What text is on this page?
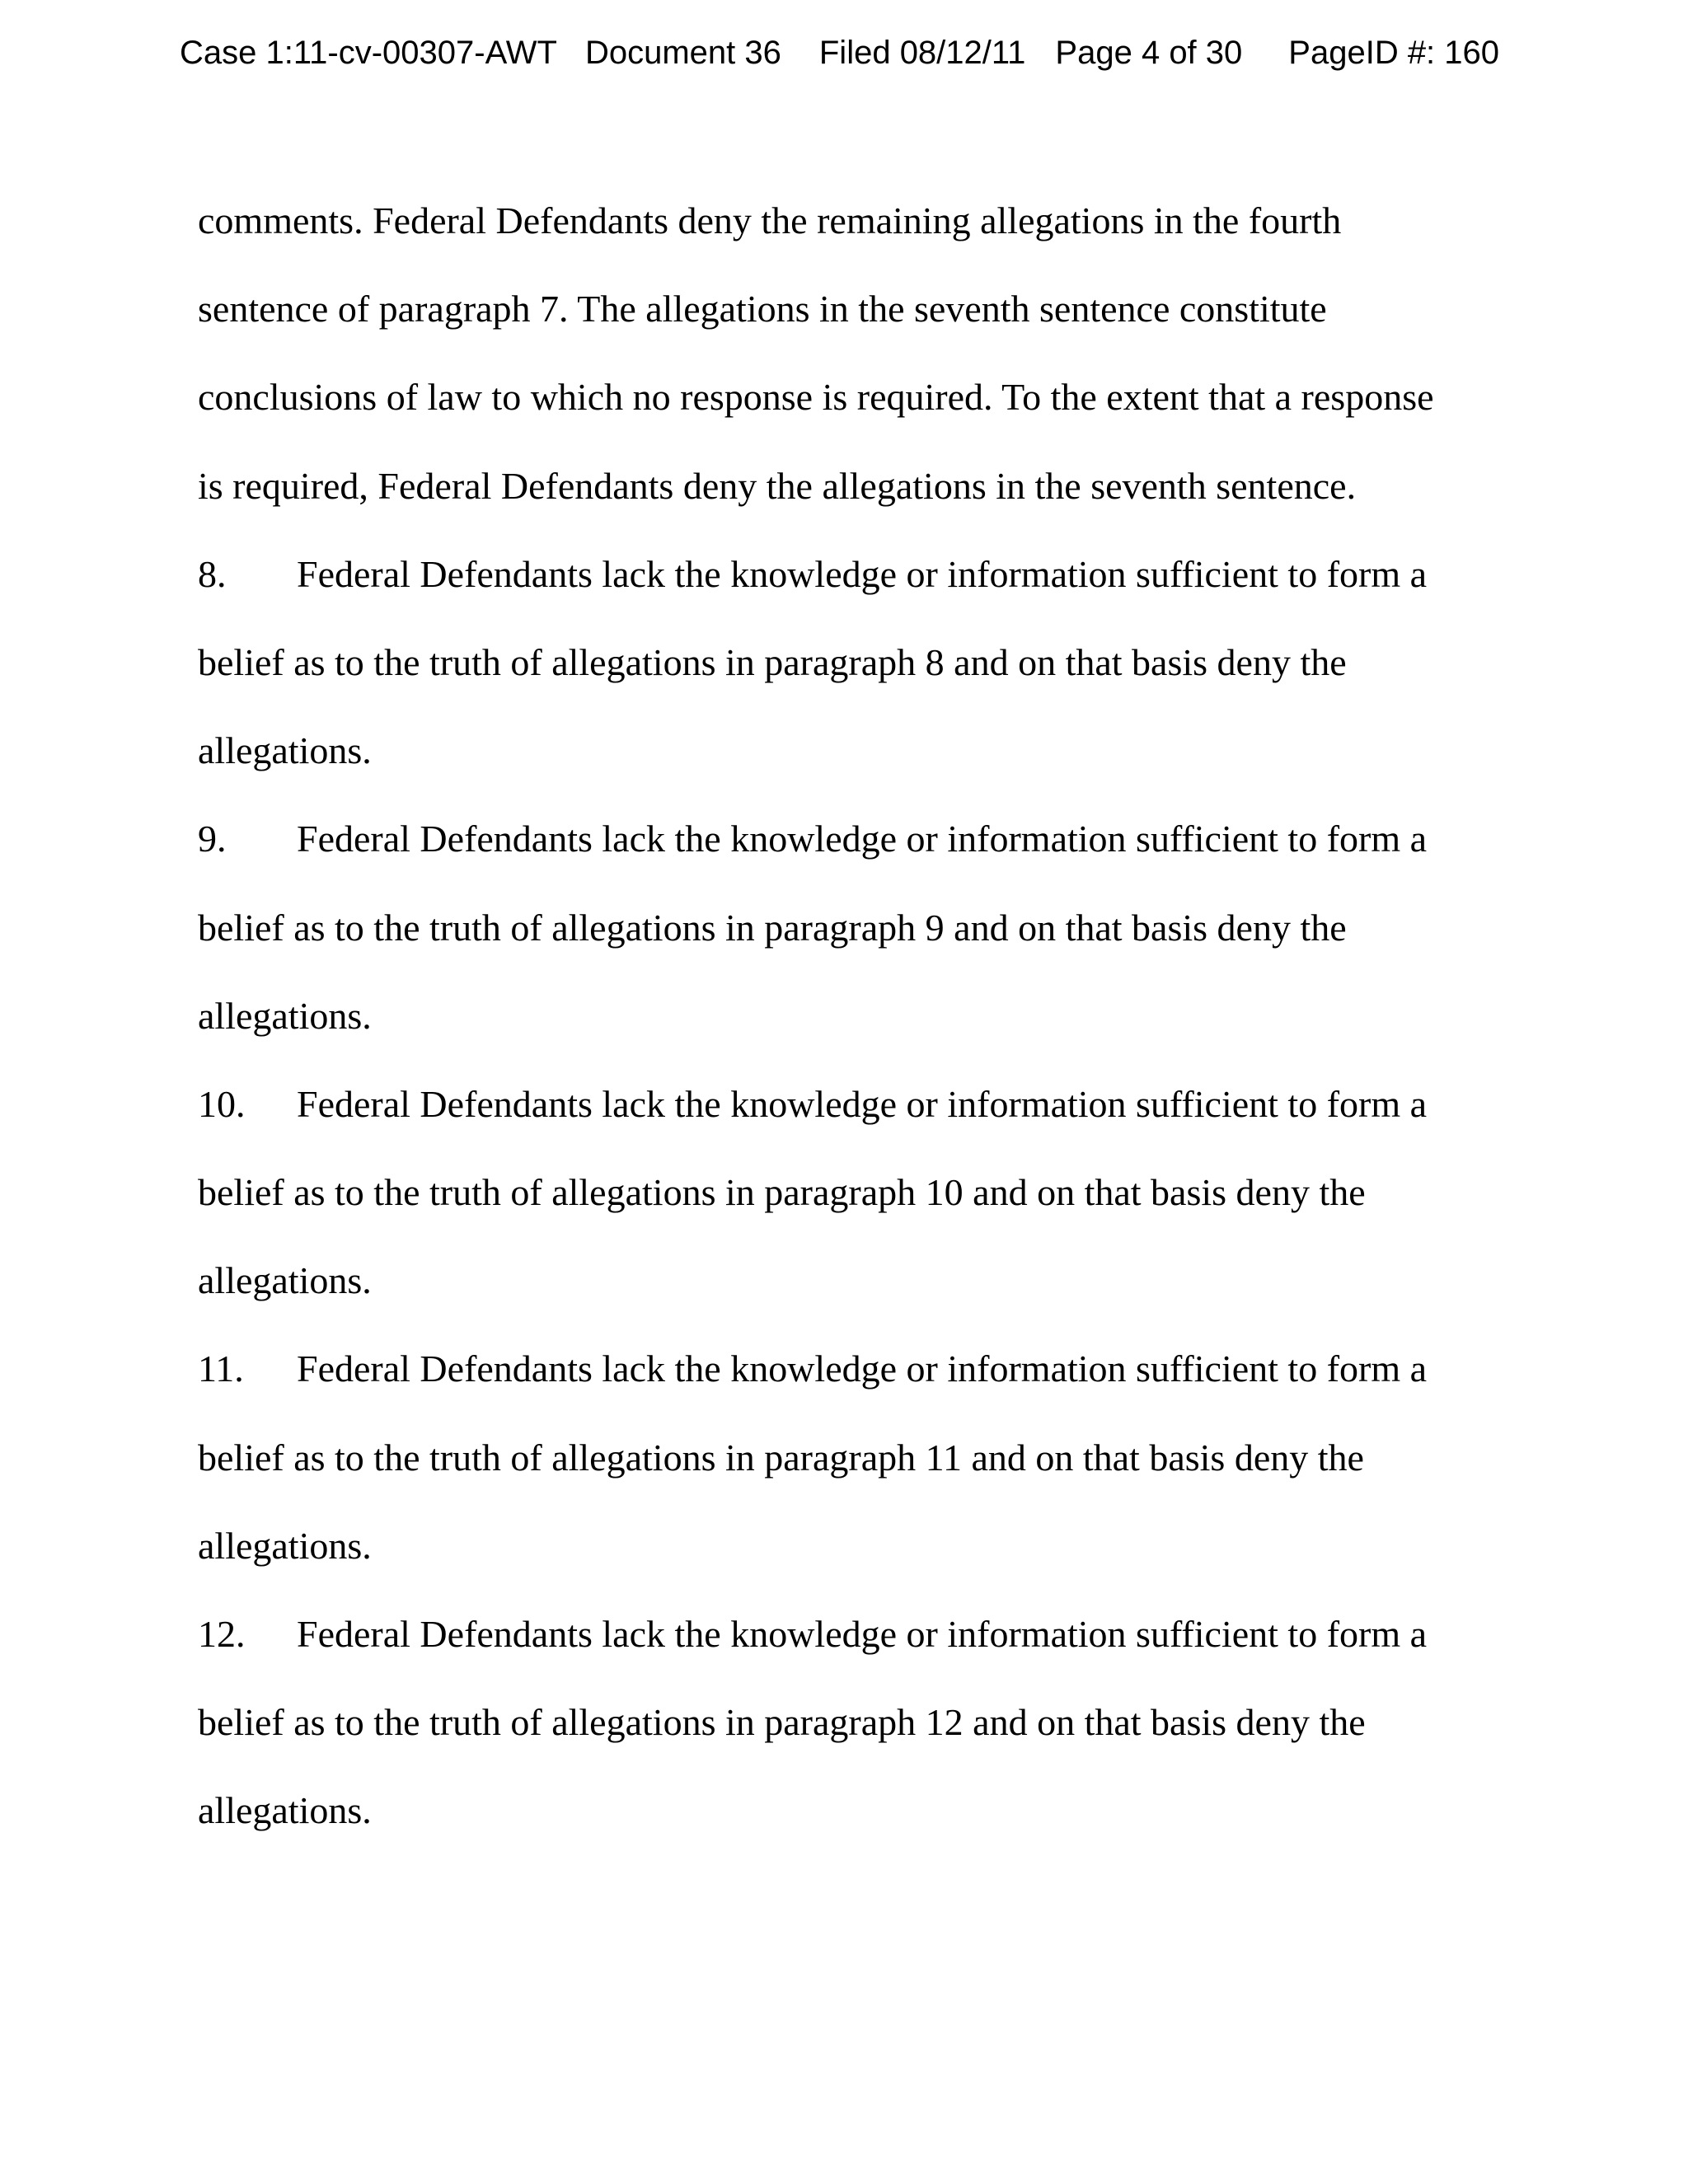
Case 1:11-cv-00307-AWT Document 36 Filed 08/12/11 Page 4 of 30 PageID #: 160
comments. Federal Defendants deny the remaining allegations in the fourth
sentence of paragraph 7. The allegations in the seventh sentence constitute
conclusions of law to which no response is required. To the extent that a response
is required, Federal Defendants deny the allegations in the seventh sentence.
8. Federal Defendants lack the knowledge or information sufficient to form a
belief as to the truth of allegations in paragraph 8 and on that basis deny the
allegations.
9. Federal Defendants lack the knowledge or information sufficient to form a
belief as to the truth of allegations in paragraph 9 and on that basis deny the
allegations.
10. Federal Defendants lack the knowledge or information sufficient to form a
belief as to the truth of allegations in paragraph 10 and on that basis deny the
allegations.
11. Federal Defendants lack the knowledge or information sufficient to form a
belief as to the truth of allegations in paragraph 11 and on that basis deny the
allegations.
12. Federal Defendants lack the knowledge or information sufficient to form a
belief as to the truth of allegations in paragraph 12 and on that basis deny the
allegations.
